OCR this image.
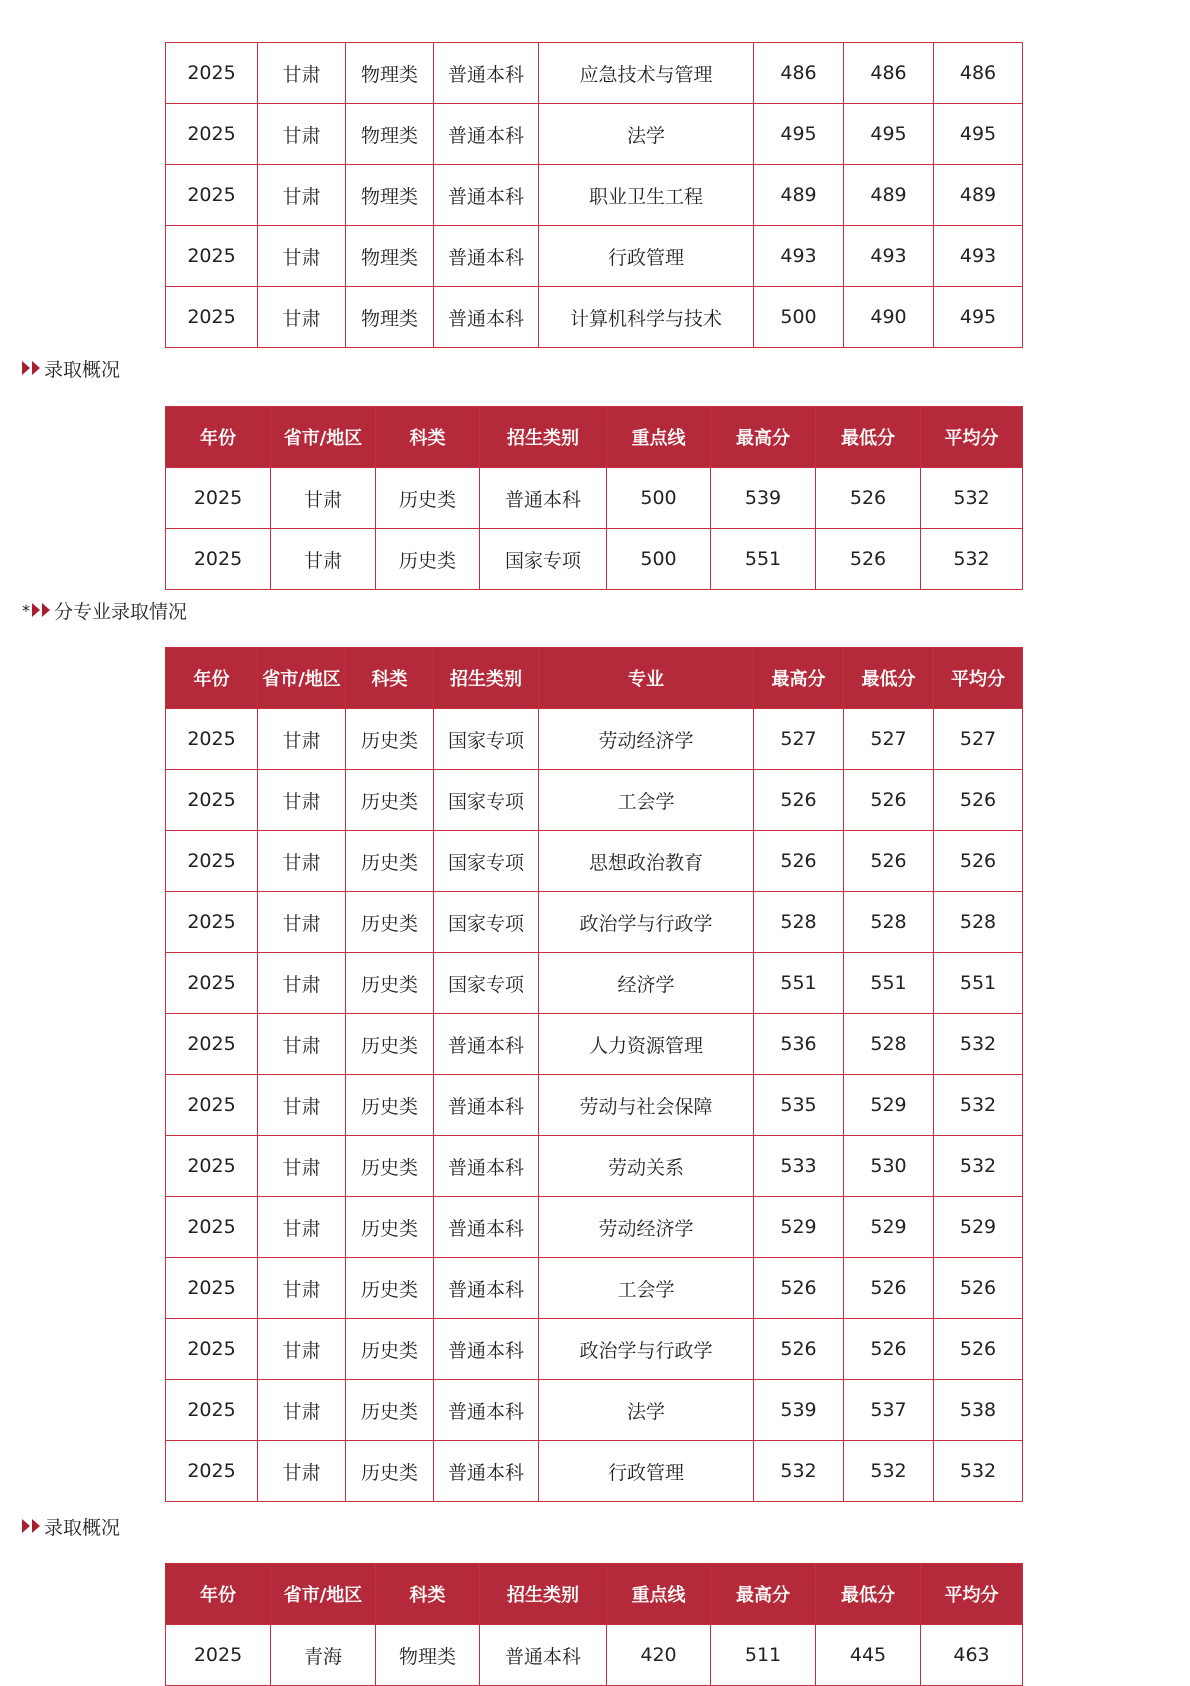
2025	甘肃	物理类	普通本科	应急技术与管理	486	486	486
2025	甘肃	物理类	普通本科	法学	495	495	495
2025	甘肃	物理类	普通本科	职业卫生工程	489	489	489
2025	甘肃	物理类	普通本科	行政管理	493	493	493
2025	甘肃	物理类	普通本科	计算机科学与技术	500	490	495
录取概况
年份	省市/地区	科类	招生类别	重点线	最高分	最低分	平均分
2025	甘肃	历史类	普通本科	500	539	526	532
2025	甘肃	历史类	国家专项	500	551	526	532
* 分专业录取情况
年份	省市/地区	科类	招生类别	专业	最高分	最低分	平均分
2025	甘肃	历史类	国家专项	劳动经济学	527	527	527
2025	甘肃	历史类	国家专项	工会学	526	526	526
2025	甘肃	历史类	国家专项	思想政治教育	526	526	526
2025	甘肃	历史类	国家专项	政治学与行政学	528	528	528
2025	甘肃	历史类	国家专项	经济学	551	551	551
2025	甘肃	历史类	普通本科	人力资源管理	536	528	532
2025	甘肃	历史类	普通本科	劳动与社会保障	535	529	532
2025	甘肃	历史类	普通本科	劳动关系	533	530	532
2025	甘肃	历史类	普通本科	劳动经济学	529	529	529
2025	甘肃	历史类	普通本科	工会学	526	526	526
2025	甘肃	历史类	普通本科	政治学与行政学	526	526	526
2025	甘肃	历史类	普通本科	法学	539	537	538
2025	甘肃	历史类	普通本科	行政管理	532	532	532
录取概况
年份	省市/地区	科类	招生类别	重点线	最高分	最低分	平均分
2025	青海	物理类	普通本科	420	511	445	463
